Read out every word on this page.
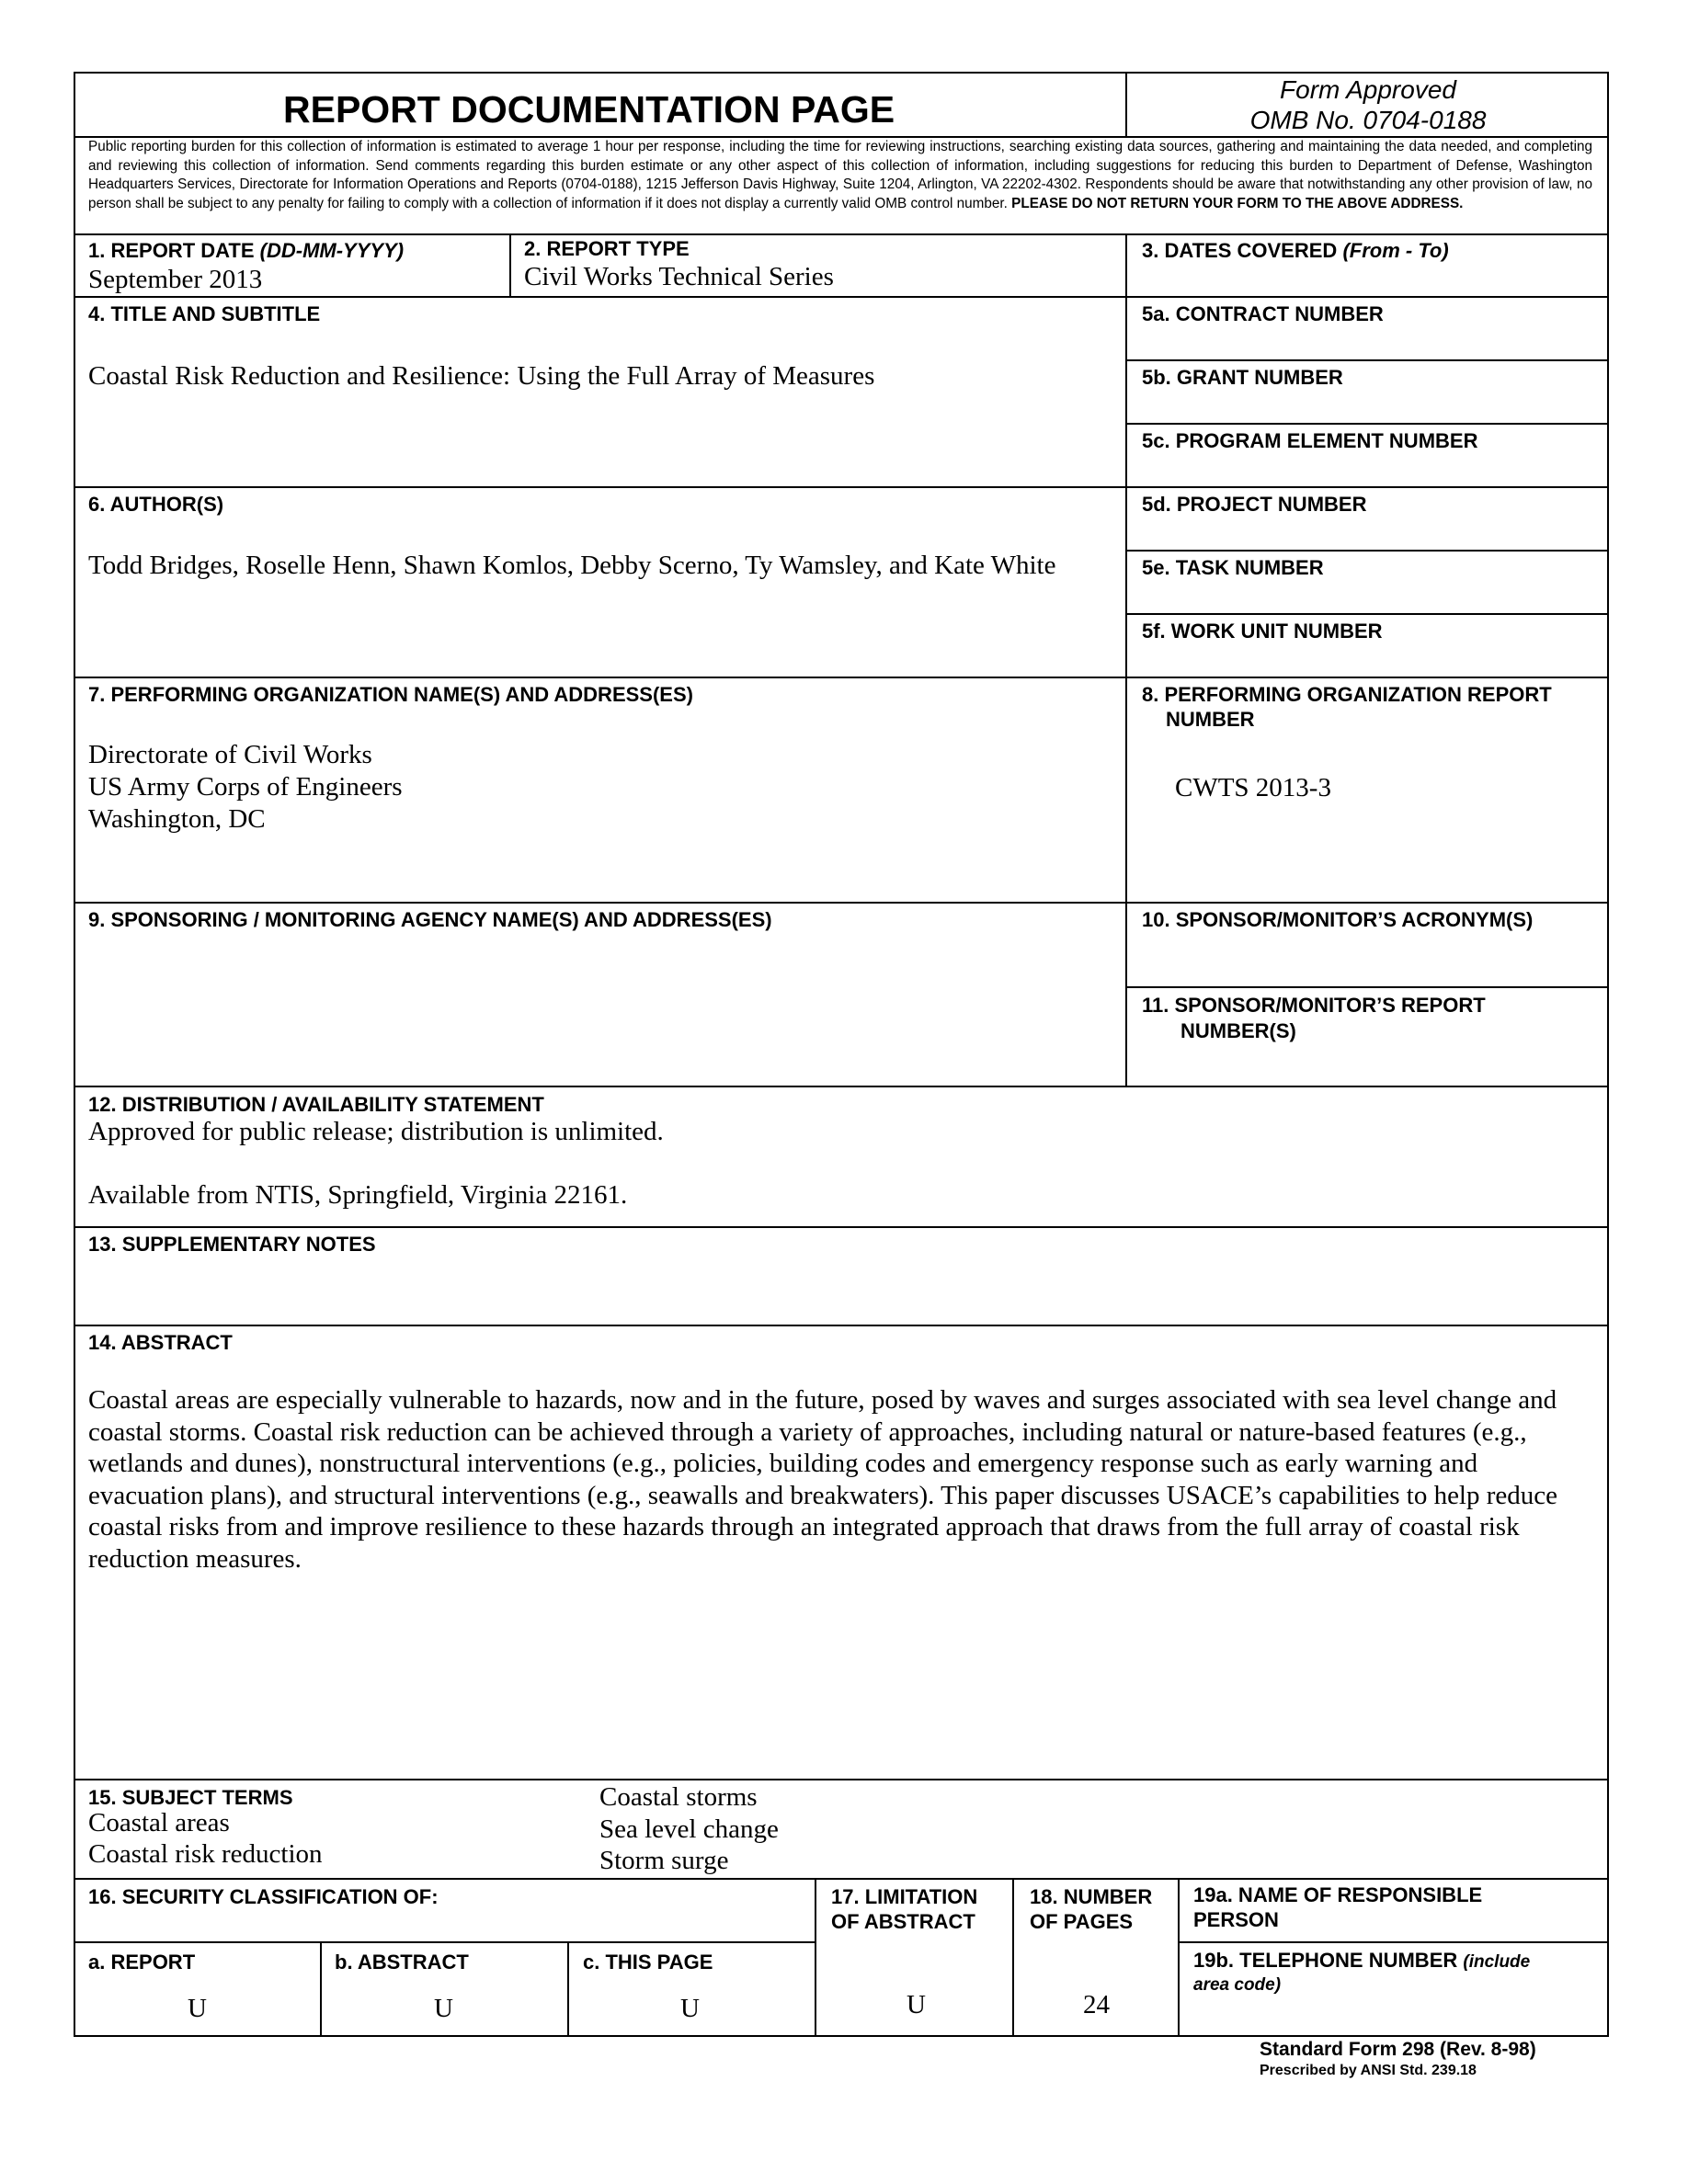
REPORT DOCUMENTATION PAGE	Form Approved
OMB No. 0704-0188
Public reporting burden for this collection of information is estimated to average 1 hour per response, including the time for reviewing instructions, searching existing data sources, gathering and maintaining the data needed, and completing and reviewing this collection of information. Send comments regarding this burden estimate or any other aspect of this collection of information, including suggestions for reducing this burden to Department of Defense, Washington Headquarters Services, Directorate for Information Operations and Reports (0704-0188), 1215 Jefferson Davis Highway, Suite 1204, Arlington, VA 22202-4302. Respondents should be aware that notwithstanding any other provision of law, no person shall be subject to any penalty for failing to comply with a collection of information if it does not display a currently valid OMB control number. PLEASE DO NOT RETURN YOUR FORM TO THE ABOVE ADDRESS.
1. REPORT DATE (DD-MM-YYYY)
September 2013
2. REPORT TYPE
Civil Works Technical Series
3. DATES COVERED (From - To)
4. TITLE AND SUBTITLE
Coastal Risk Reduction and Resilience: Using the Full Array of Measures
5a. CONTRACT NUMBER
5b. GRANT NUMBER
5c. PROGRAM ELEMENT NUMBER
6. AUTHOR(S)
Todd Bridges, Roselle Henn, Shawn Komlos, Debby Scerno, Ty Wamsley, and Kate White
5d. PROJECT NUMBER
5e. TASK NUMBER
5f. WORK UNIT NUMBER
7. PERFORMING ORGANIZATION NAME(S) AND ADDRESS(ES)
Directorate of Civil Works
US Army Corps of Engineers
Washington, DC
8. PERFORMING ORGANIZATION REPORT
NUMBER
CWTS 2013-3
9. SPONSORING / MONITORING AGENCY NAME(S) AND ADDRESS(ES)	10. SPONSOR/MONITOR’S ACRONYM(S)
11. SPONSOR/MONITOR’S REPORT
NUMBER(S)
12. DISTRIBUTION / AVAILABILITY STATEMENT
Approved for public release; distribution is unlimited.
Available from NTIS, Springfield, Virginia 22161.
13. SUPPLEMENTARY NOTES
14. ABSTRACT
Coastal areas are especially vulnerable to hazards, now and in the future, posed by waves and surges associated with sea level change and coastal storms. Coastal risk reduction can be achieved through a variety of approaches, including natural or nature-based features (e.g., wetlands and dunes), nonstructural interventions (e.g., policies, building codes and emergency response such as early warning and evacuation plans), and structural interventions (e.g., seawalls and breakwaters). This paper discusses USACE’s capabilities to help reduce coastal risks from and improve resilience to these hazards through an integrated approach that draws from the full array of coastal risk reduction measures.
15. SUBJECT TERMS
Coastal areas
Coastal risk reduction
Coastal storms
Sea level change
Storm surge
16. SECURITY CLASSIFICATION OF:
a. REPORT
U
b. ABSTRACT
U
c. THIS PAGE
U
17. LIMITATION
OF ABSTRACT
U
18. NUMBER
OF PAGES
24
19a. NAME OF RESPONSIBLE
PERSON
19b. TELEPHONE NUMBER (include
area code)
Standard Form 298 (Rev. 8-98)
Prescribed by ANSI Std. 239.18
